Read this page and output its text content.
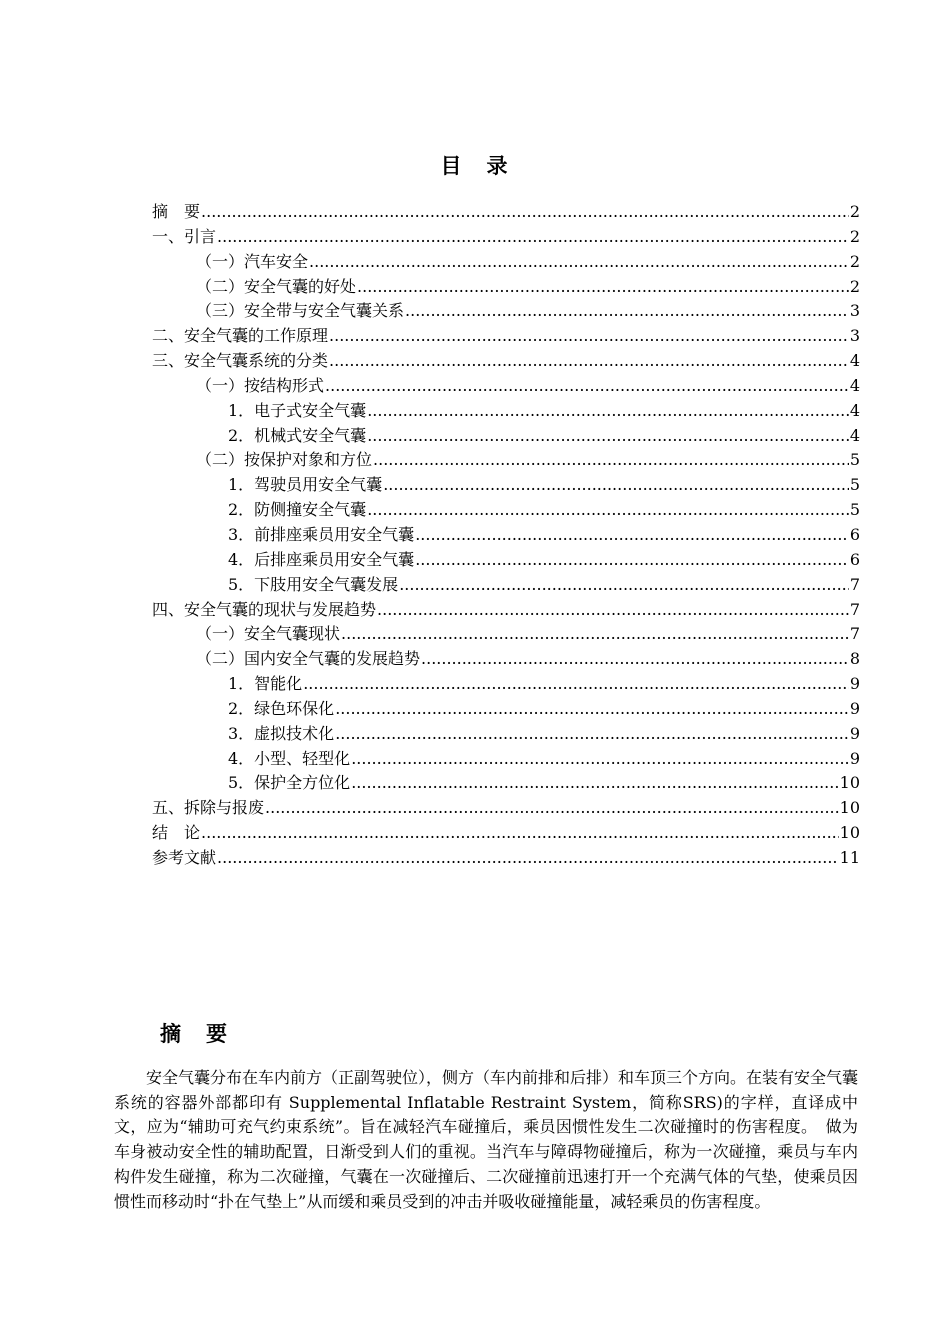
目　录
摘　要 .....	2
一、引言 .....	2
（一）汽车安全 .....	2
（二）安全气囊的好处 .....	2
（三）安全带与安全气囊关系 .....	3
二、安全气囊的工作原理 .....	3
三、安全气囊系统的分类 .....	4
（一）按结构形式 .....	4
1．电子式安全气囊 .....	4
2．机械式安全气囊 .....	4
（二）按保护对象和方位 .....	5
1．驾驶员用安全气囊 .....	5
2．防侧撞安全气囊 .....	5
3．前排座乘员用安全气囊 .....	6
4．后排座乘员用安全气囊 .....	6
5．下肢用安全气囊发展 .....	7
四、安全气囊的现状与发展趋势 .....	7
（一）安全气囊现状 .....	7
（二）国内安全气囊的发展趋势 .....	8
1．智能化 .....	9
2．绿色环保化 .....	9
3．虚拟技术化 .....	9
4．小型、轻型化 .....	9
5．保护全方位化 .....	10
五、拆除与报废 .....	10
结　论 .....	10
参考文献 .....	11
摘　要

安全气囊分布在车内前方（正副驾驶位），侧方（车内前排和后排）和车顶三个方向。在装有安全气囊系统的容器外部都印有 Supplemental Inflatable Restraint System，简称SRS)的字样，直译成中文，应为“辅助可充气约束系统”。旨在减轻汽车碰撞后，乘员因惯性发生二次碰撞时的伤害程度。　做为车身被动安全性的辅助配置，日渐受到人们的重视。当汽车与障碍物碰撞后，称为一次碰撞，乘员与车内构件发生碰撞，称为二次碰撞，气囊在一次碰撞后、二次碰撞前迅速打开一个充满气体的气垫，使乘员因惯性而移动时“扑在气垫上”从而缓和乘员受到的冲击并吸收碰撞能量，减轻乘员的伤害程度。
